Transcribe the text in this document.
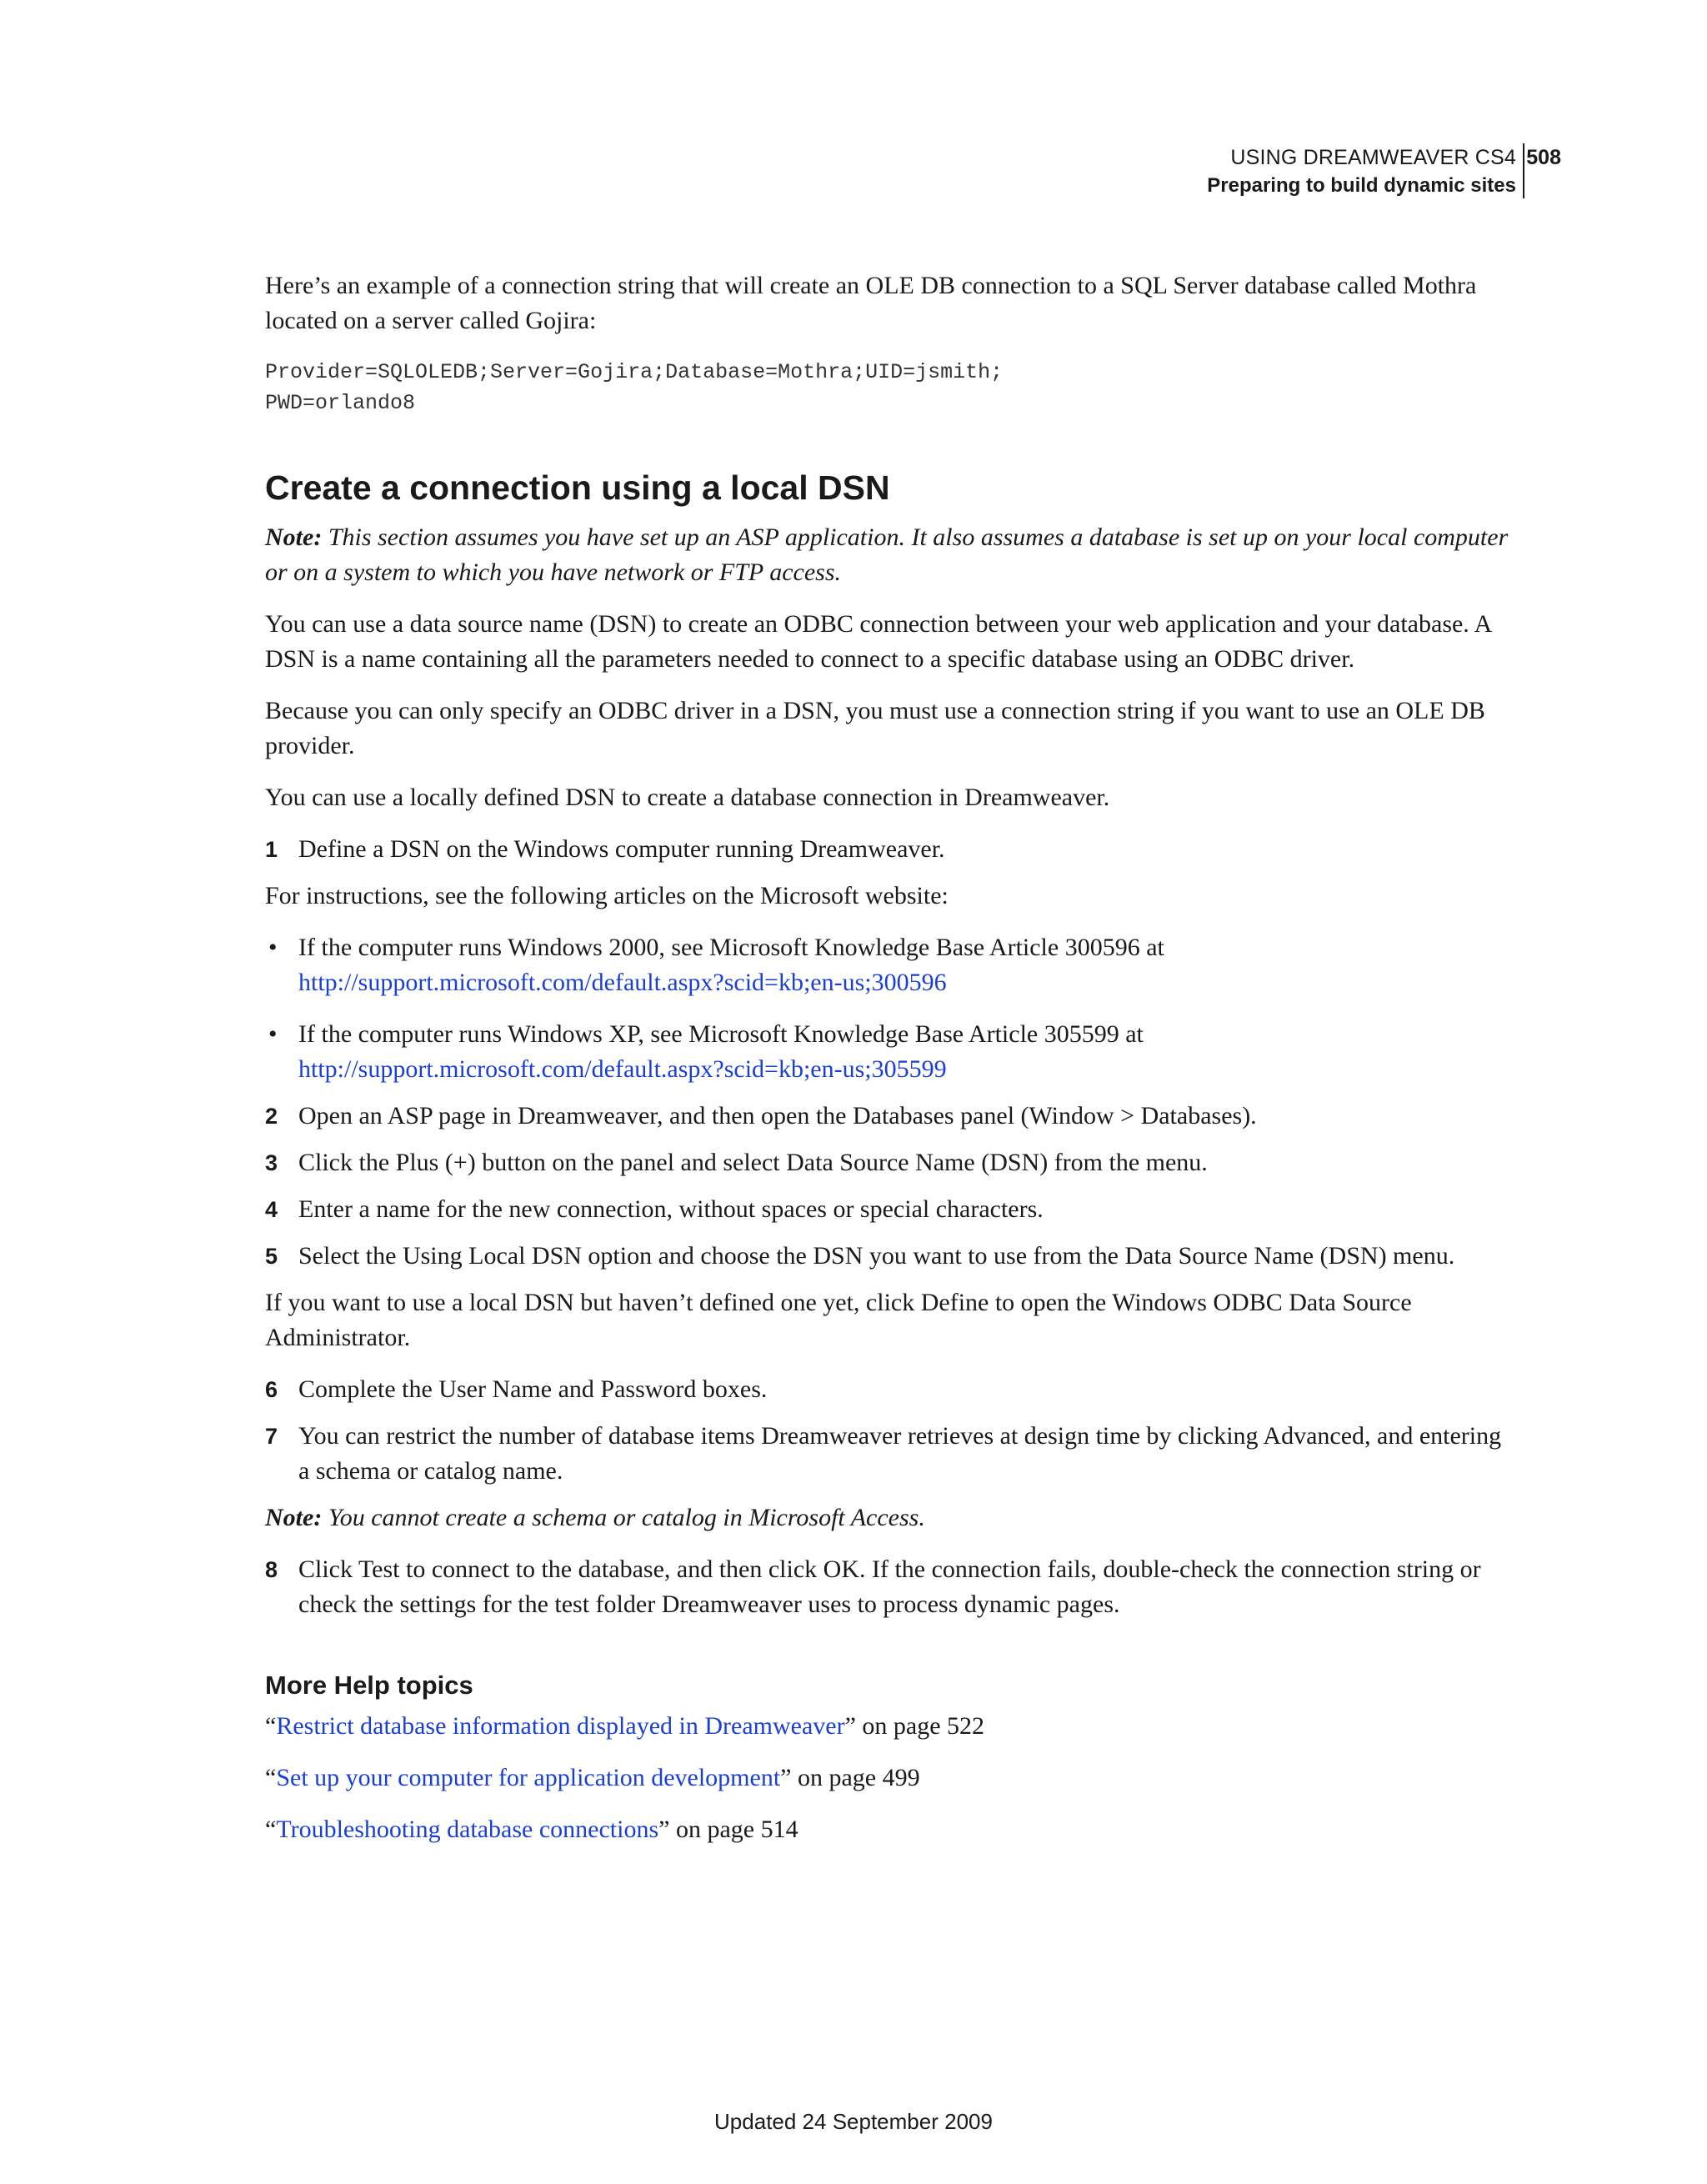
USING DREAMWEAVER CS4
Preparing to build dynamic sites
508

Here’s an example of a connection string that will create an OLE DB connection to a SQL Server database called Mothra located on a server called Gojira:

Provider=SQLOLEDB;Server=Gojira;Database=Mothra;UID=jsmith;
PWD=orlando8
Create a connection using a local DSN

Note: This section assumes you have set up an ASP application. It also assumes a database is set up on your local computer or on a system to which you have network or FTP access.

You can use a data source name (DSN) to create an ODBC connection between your web application and your database. A DSN is a name containing all the parameters needed to connect to a specific database using an ODBC driver.

Because you can only specify an ODBC driver in a DSN, you must use a connection string if you want to use an OLE DB provider.

You can use a locally defined DSN to create a database connection in Dreamweaver.

1 Define a DSN on the Windows computer running Dreamweaver.

For instructions, see the following articles on the Microsoft website:

• If the computer runs Windows 2000, see Microsoft Knowledge Base Article 300596 at
http://support.microsoft.com/default.aspx?scid=kb;en-us;300596
• If the computer runs Windows XP, see Microsoft Knowledge Base Article 305599 at
http://support.microsoft.com/default.aspx?scid=kb;en-us;305599
2 Open an ASP page in Dreamweaver, and then open the Databases panel (Window > Databases).
3 Click the Plus (+) button on the panel and select Data Source Name (DSN) from the menu.
4 Enter a name for the new connection, without spaces or special characters.
5 Select the Using Local DSN option and choose the DSN you want to use from the Data Source Name (DSN) menu.

If you want to use a local DSN but haven’t defined one yet, click Define to open the Windows ODBC Data Source Administrator.

6 Complete the User Name and Password boxes.
7 You can restrict the number of database items Dreamweaver retrieves at design time by clicking Advanced, and entering a schema or catalog name.

Note: You cannot create a schema or catalog in Microsoft Access.

8 Click Test to connect to the database, and then click OK. If the connection fails, double-check the connection string or check the settings for the test folder Dreamweaver uses to process dynamic pages.
More Help topics

“Restrict database information displayed in Dreamweaver” on page 522

“Set up your computer for application development” on page 499

“Troubleshooting database connections” on page 514

Updated 24 September 2009
